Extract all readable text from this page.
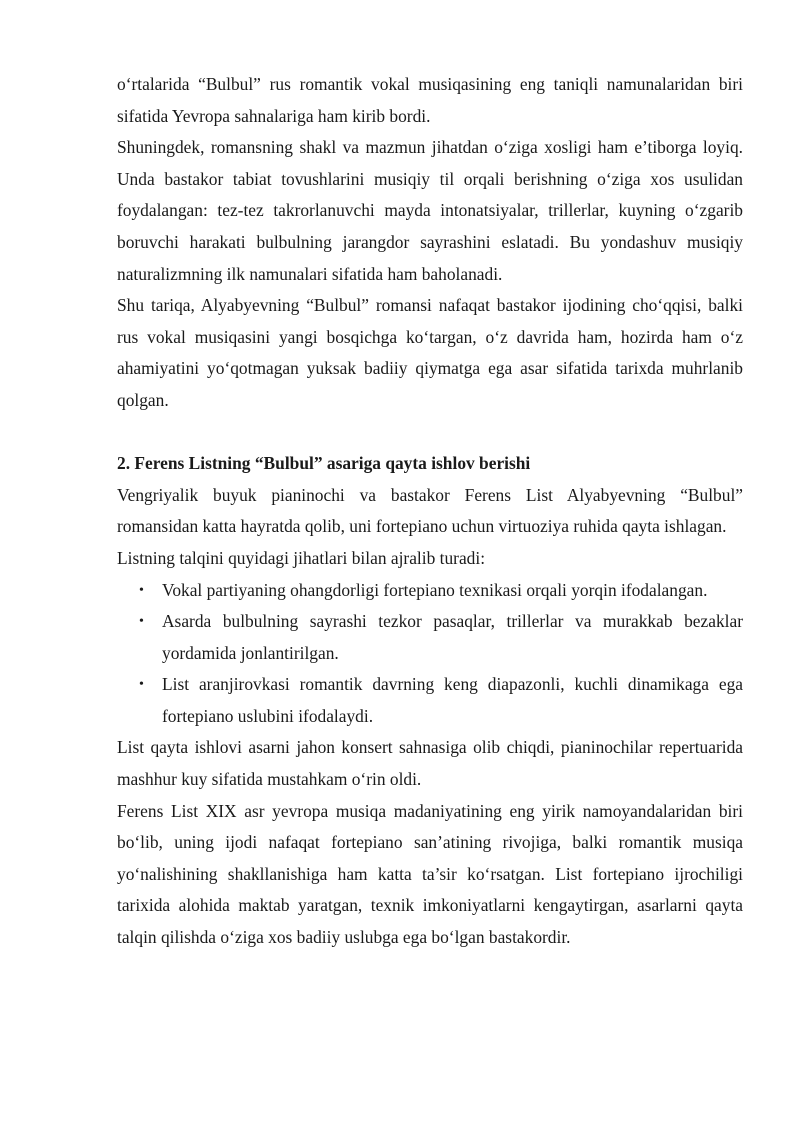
o‘rtalarida “Bulbul” rus romantik vokal musiqasining eng taniqli namunalaridan biri sifatida Yevropa sahnalariga ham kirib bordi.

Shuningdek, romansning shakl va mazmun jihatdan o‘ziga xosligi ham e’tiborga loyiq. Unda bastakor tabiat tovushlarini musiqiy til orqali berishning o‘ziga xos usulidan foydalangan: tez-tez takrorlanuvchi mayda intonatsiyalar, trillerlar, kuyning o‘zgarib boruvchi harakati bulbulning jarangdor sayrashini eslatadi. Bu yondashuv musiqiy naturalizmning ilk namunalari sifatida ham baholanadi.

Shu tariqa, Alyabyevning “Bulbul” romansi nafaqat bastakor ijodining cho‘qqisi, balki rus vokal musiqasini yangi bosqichga ko‘targan, o‘z davrida ham, hozirda ham o‘z ahamiyatini yo‘qotmagan yuksak badiiy qiymatga ega asar sifatida tarixda muhrlanib qolgan.

2. Ferens Listning “Bulbul” asariga qayta ishlov berishi

Vengriyalik buyuk pianinochi va bastakor Ferens List Alyabyevning “Bulbul” romansidan katta hayratda qolib, uni fortepiano uchun virtuoziya ruhida qayta ishlagan.

Listning talqini quyidagi jihatlari bilan ajralib turadi:

• Vokal partiyaning ohangdorligi fortepiano texnikasi orqali yorqin ifodalangan.
• Asarda bulbulning sayrashi tezkor pasaqlar, trillerlar va murakkab bezaklar yordamida jonlantirilgan.
• List aranjirovkasi romantik davrning keng diapazonli, kuchli dinamikaga ega fortepiano uslubini ifodalaydi.

List qayta ishlovi asarni jahon konsert sahnasiga olib chiqdi, pianinochilar repertuarida mashhur kuy sifatida mustahkam o‘rin oldi.

Ferens List XIX asr yevropa musiqa madaniyatining eng yirik namoyandalaridan biri bo‘lib, uning ijodi nafaqat fortepiano san’atining rivojiga, balki romantik musiqa yo‘nalishining shakllanishiga ham katta ta’sir ko‘rsatgan. List fortepiano ijrochiligi tarixida alohida maktab yaratgan, texnik imkoniyatlarni kengaytirgan, asarlarni qayta talqin qilishda o‘ziga xos badiiy uslubga ega bo‘lgan bastakordir.
